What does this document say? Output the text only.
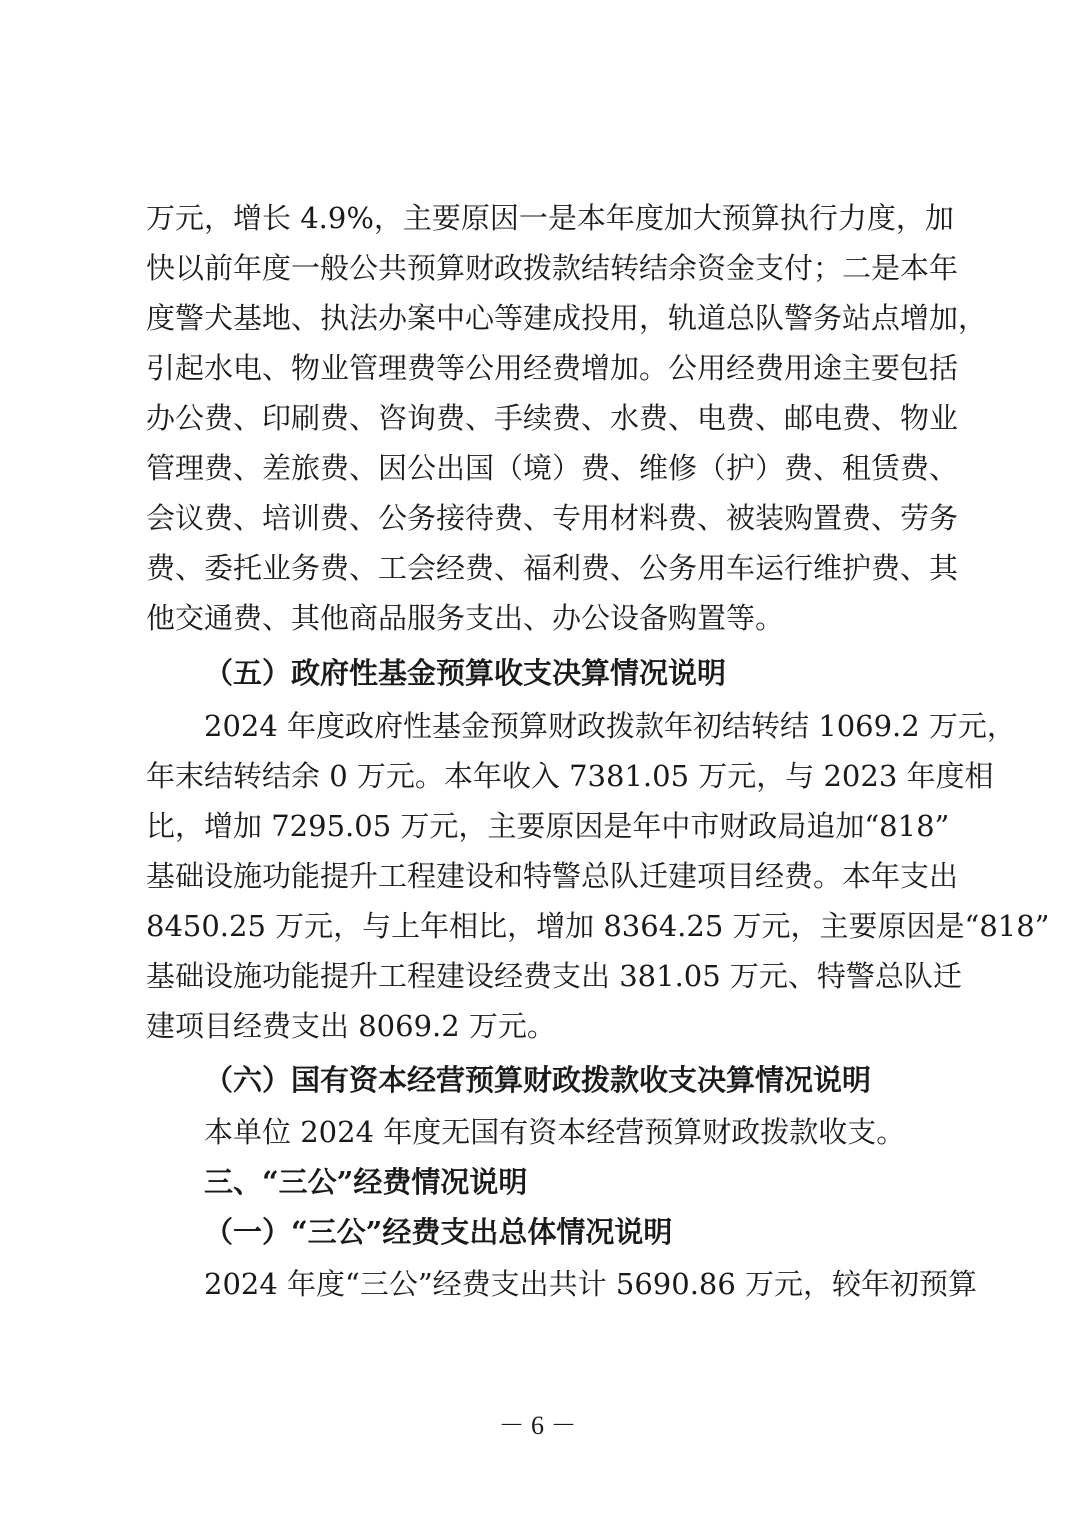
万元，增长 4.9%，主要原因一是本年度加大预算执行力度，加
快以前年度一般公共预算财政拨款结转结余资金支付；二是本年
度警犬基地、执法办案中心等建成投用，轨道总队警务站点增加，
引起水电、物业管理费等公用经费增加。公用经费用途主要包括
办公费、印刷费、咨询费、手续费、水费、电费、邮电费、物业
管理费、差旅费、因公出国（境）费、维修（护）费、租赁费、
会议费、培训费、公务接待费、专用材料费、被装购置费、劳务
费、委托业务费、工会经费、福利费、公务用车运行维护费、其
他交通费、其他商品服务支出、办公设备购置等。
（五）政府性基金预算收支决算情况说明
2024 年度政府性基金预算财政拨款年初结转结 1069.2 万元，
年末结转结余 0 万元。本年收入 7381.05 万元，与 2023 年度相
比，增加 7295.05 万元，主要原因是年中市财政局追加“818”
基础设施功能提升工程建设和特警总队迁建项目经费。本年支出
8450.25 万元，与上年相比，增加 8364.25 万元，主要原因是“818”
基础设施功能提升工程建设经费支出 381.05 万元、特警总队迁
建项目经费支出 8069.2 万元。
（六）国有资本经营预算财政拨款收支决算情况说明
本单位 2024 年度无国有资本经营预算财政拨款收支。
三、“三公”经费情况说明
（一）“三公”经费支出总体情况说明
2024 年度“三公”经费支出共计 5690.86 万元，较年初预算
－ 6 －
